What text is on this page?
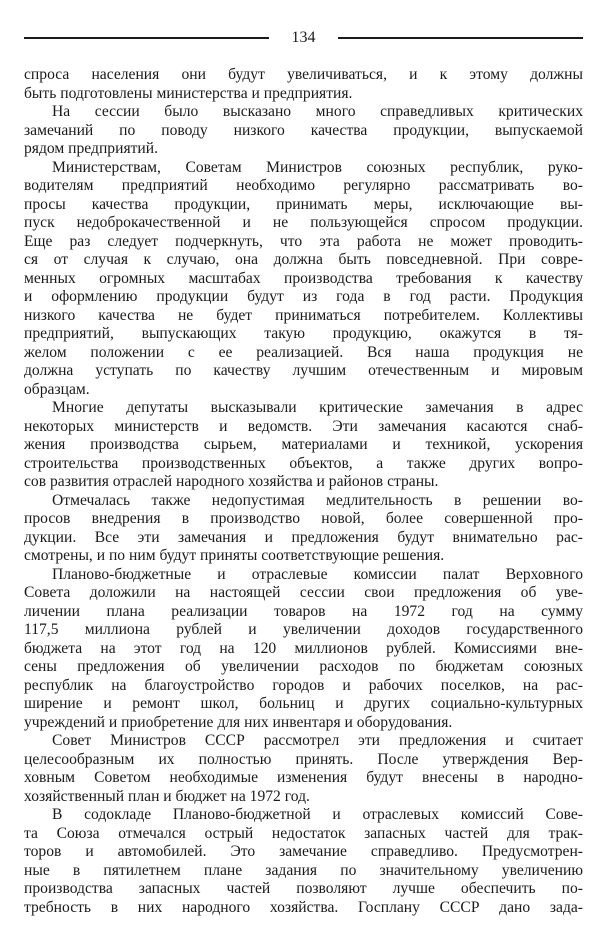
134
спроса населения они будут увеличиваться, и к этому должны
быть подготовлены министерства и предприятия.
На сессии было высказано много справедливых критических
замечаний по поводу низкого качества продукции, выпускаемой
рядом предприятий.
Министерствам, Советам Министров союзных республик, руко-
водителям предприятий необходимо регулярно рассматривать во-
просы качества продукции, принимать меры, исключающие вы-
пуск недоброкачественной и не пользующейся спросом продукции.
Еще раз следует подчеркнуть, что эта работа не может проводить-
ся от случая к случаю, она должна быть повседневной. При совре-
менных огромных масштабах производства требования к качеству
и оформлению продукции будут из года в год расти. Продукция
низкого качества не будет приниматься потребителем. Коллективы
предприятий, выпускающих такую продукцию, окажутся в тя-
желом положении с ее реализацией. Вся наша продукция не
должна уступать по качеству лучшим отечественным и мировым
образцам.
Многие депутаты высказывали критические замечания в адрес
некоторых министерств и ведомств. Эти замечания касаются снаб-
жения производства сырьем, материалами и техникой, ускорения
строительства производственных объектов, а также других вопро-
сов развития отраслей народного хозяйства и районов страны.
Отмечалась также недопустимая медлительность в решении во-
просов внедрения в производство новой, более совершенной про-
дукции. Все эти замечания и предложения будут внимательно рас-
смотрены, и по ним будут приняты соответствующие решения.
Планово-бюджетные и отраслевые комиссии палат Верховного
Совета доложили на настоящей сессии свои предложения об уве-
личении плана реализации товаров на 1972 год на сумму
117,5 миллиона рублей и увеличении доходов государственного
бюджета на этот год на 120 миллионов рублей. Комиссиями вне-
сены предложения об увеличении расходов по бюджетам союзных
республик на благоустройство городов и рабочих поселков, на рас-
ширение и ремонт школ, больниц и других социально-культурных
учреждений и приобретение для них инвентаря и оборудования.
Совет Министров СССР рассмотрел эти предложения и считает
целесообразным их полностью принять. После утверждения Вер-
ховным Советом необходимые изменения будут внесены в народно-
хозяйственный план и бюджет на 1972 год.
В содокладе Планово-бюджетной и отраслевых комиссий Сове-
та Союза отмечался острый недостаток запасных частей для трак-
торов и автомобилей. Это замечание справедливо. Предусмотрен-
ные в пятилетнем плане задания по значительному увеличению
производства запасных частей позволяют лучше обеспечить по-
требность в них народного хозяйства. Госплану СССР дано зада-
